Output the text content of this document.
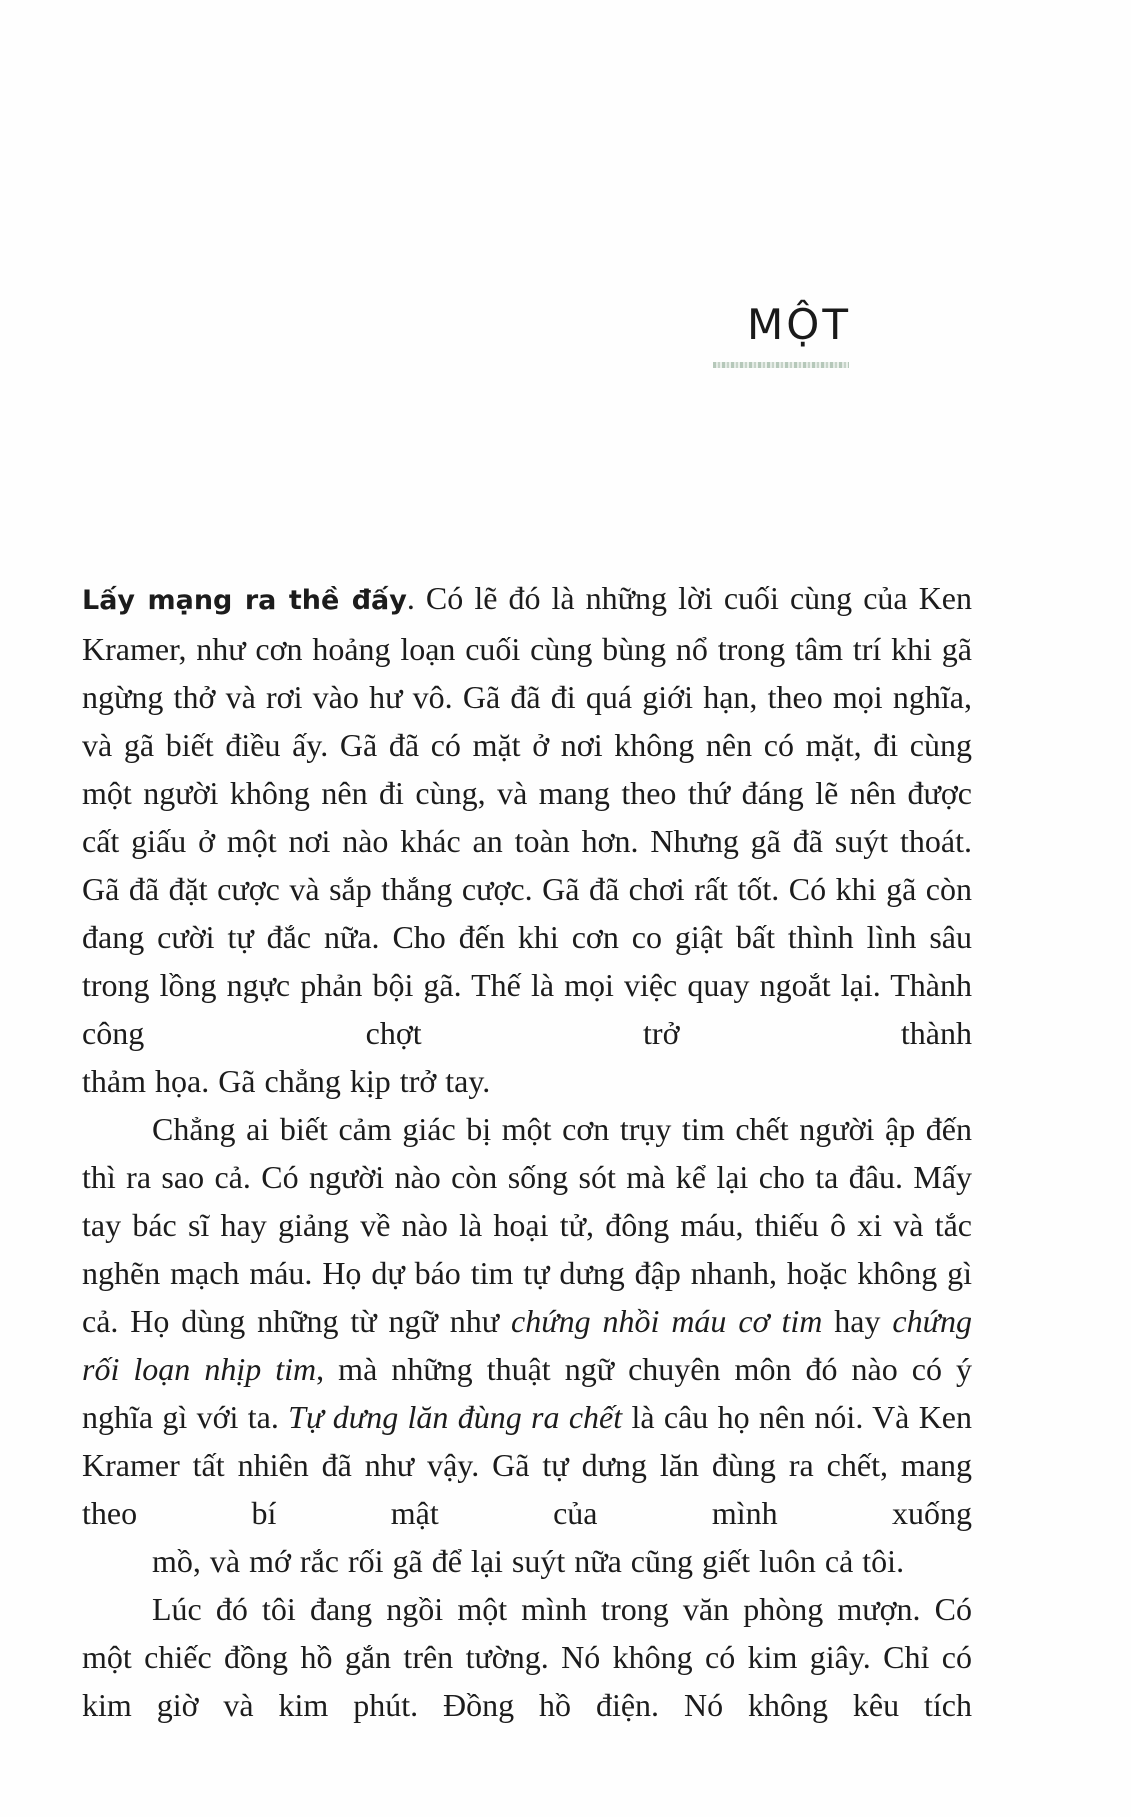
MỘT

Lấy mạng ra thề đấy. Có lẽ đó là những lời cuối cùng của Ken Kramer, như cơn hoảng loạn cuối cùng bùng nổ trong tâm trí khi gã ngừng thở và rơi vào hư vô. Gã đã đi quá giới hạn, theo mọi nghĩa, và gã biết điều ấy. Gã đã có mặt ở nơi không nên có mặt, đi cùng một người không nên đi cùng, và mang theo thứ đáng lẽ nên được cất giấu ở một nơi nào khác an toàn hơn. Nhưng gã đã suýt thoát. Gã đã đặt cược và sắp thắng cược. Gã đã chơi rất tốt. Có khi gã còn đang cười tự đắc nữa. Cho đến khi cơn co giật bất thình lình sâu trong lồng ngực phản bội gã. Thế là mọi việc quay ngoắt lại. Thành công chợt trở thành
thảm họa. Gã chẳng kịp trở tay.

Chẳng ai biết cảm giác bị một cơn trụy tim chết người ập đến thì ra sao cả. Có người nào còn sống sót mà kể lại cho ta đâu. Mấy tay bác sĩ hay giảng về nào là hoại tử, đông máu, thiếu ô xi và tắc nghẽn mạch máu. Họ dự báo tim tự dưng đập nhanh, hoặc không gì cả. Họ dùng những từ ngữ như chứng nhồi máu cơ tim hay chứng rối loạn nhịp tim, mà những thuật ngữ chuyên môn đó nào có ý nghĩa gì với ta. Tự dưng lăn đùng ra chết là câu họ nên nói. Và Ken Kramer tất nhiên đã như vậy. Gã tự dưng lăn đùng ra chết, mang theo bí mật của mình xuống
mồ, và mớ rắc rối gã để lại suýt nữa cũng giết luôn cả tôi.

Lúc đó tôi đang ngồi một mình trong văn phòng mượn. Có một chiếc đồng hồ gắn trên tường. Nó không có kim giây. Chỉ có kim giờ và kim phút. Đồng hồ điện. Nó không kêu tích
